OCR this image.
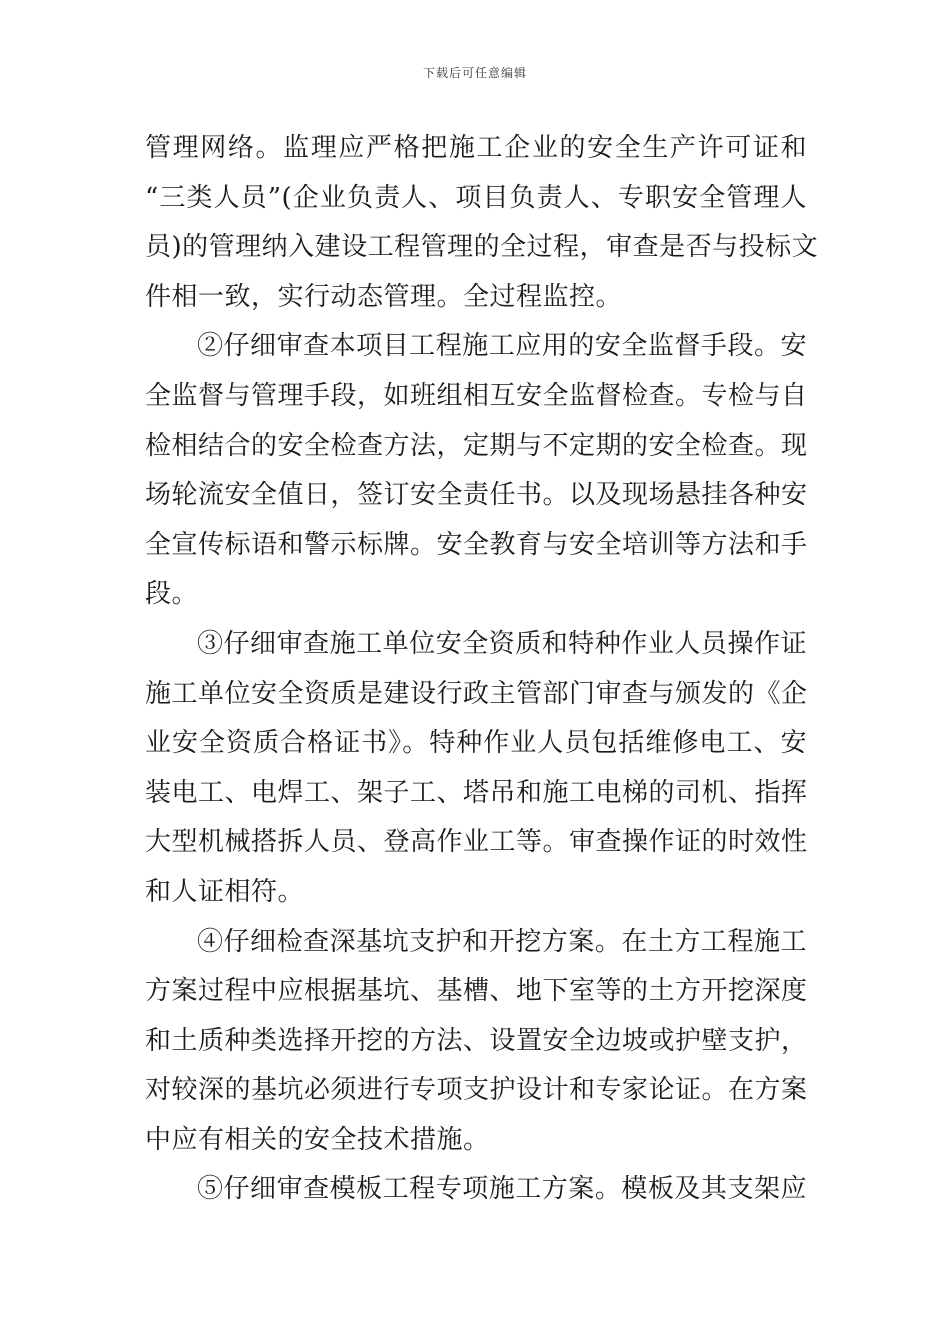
下载后可任意编辑
管理网络。监理应严格把施工企业的安全生产许可证和
“三类人员”(企业负责人、项目负责人、专职安全管理人
员)的管理纳入建设工程管理的全过程，审查是否与投标文
件相一致，实行动态管理。全过程监控。
②仔细审查本项目工程施工应用的安全监督手段。安
全监督与管理手段，如班组相互安全监督检查。专检与自
检相结合的安全检查方法，定期与不定期的安全检查。现
场轮流安全值日，签订安全责任书。以及现场悬挂各种安
全宣传标语和警示标牌。安全教育与安全培训等方法和手
段。
③仔细审查施工单位安全资质和特种作业人员操作证
施工单位安全资质是建设行政主管部门审查与颁发的《企
业安全资质合格证书》。特种作业人员包括维修电工、安
装电工、电焊工、架子工、塔吊和施工电梯的司机、指挥
大型机械搭拆人员、登高作业工等。审查操作证的时效性
和人证相符。
④仔细检查深基坑支护和开挖方案。在土方工程施工
方案过程中应根据基坑、基槽、地下室等的土方开挖深度
和土质种类选择开挖的方法、设置安全边坡或护壁支护，
对较深的基坑必须进行专项支护设计和专家论证。在方案
中应有相关的安全技术措施。
⑤仔细审查模板工程专项施工方案。模板及其支架应
